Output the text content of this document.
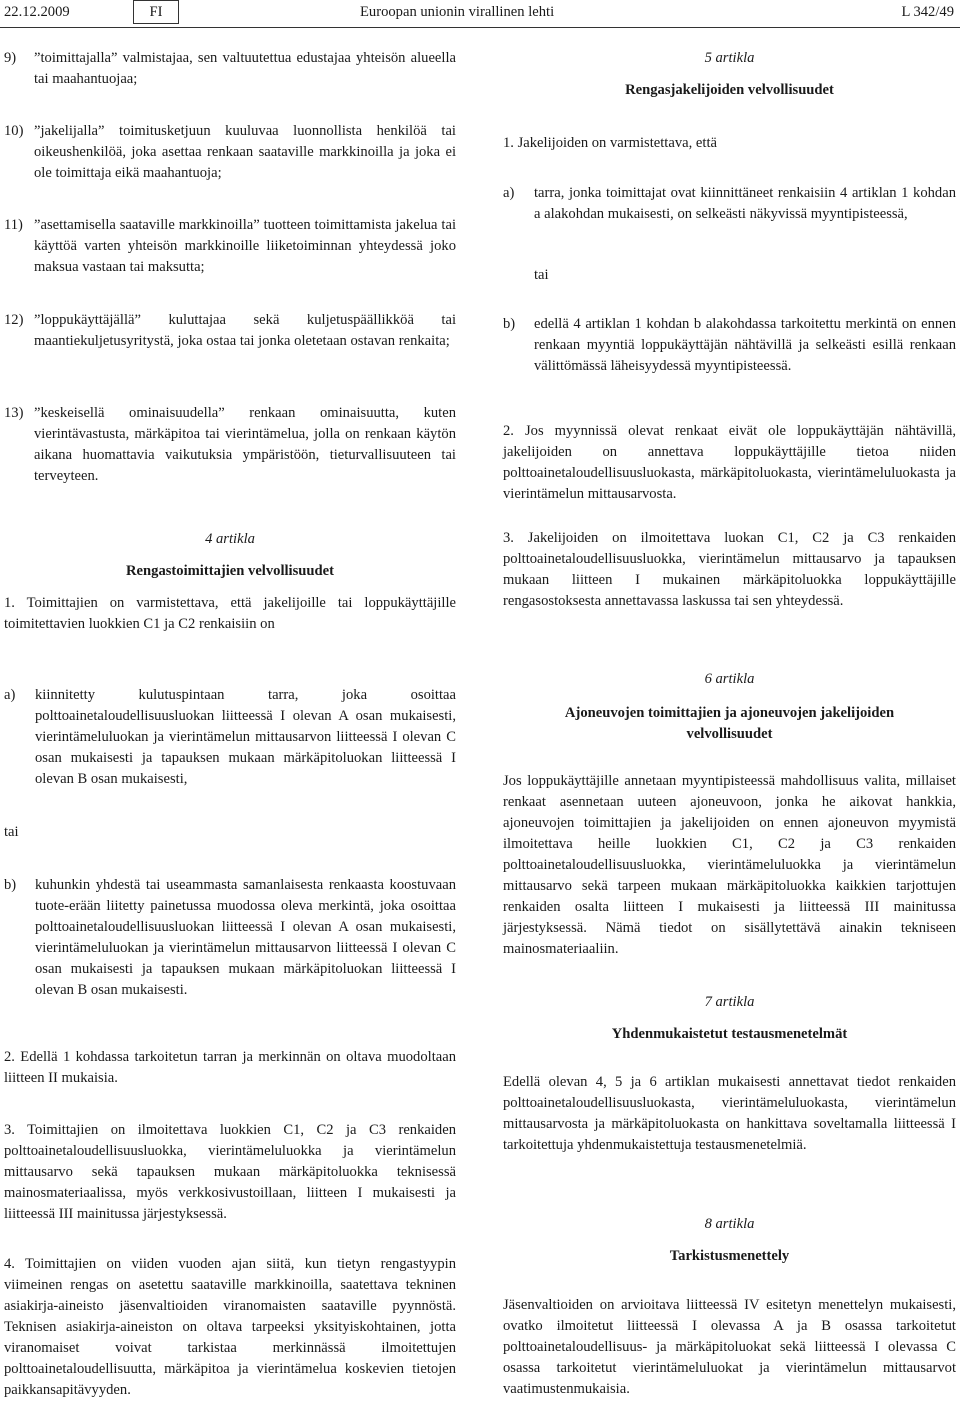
22.12.2009	FI	Euroopan unionin virallinen lehti	L 342/49
9)	”toimittajalla” valmistajaa, sen valtuutettua edustajaa yhteisön alueella tai maahantuojaa;
10) ”jakelijalla” toimitusketjuun kuuluvaa luonnollista henkilöä tai oikeushenkilöä, joka asettaa renkaan saataville markkinoilla ja joka ei ole toimittaja eikä maahantuoja;
11) ”asettamisella saataville markkinoilla” tuotteen toimittamista jakelua tai käyttöä varten yhteisön markkinoille liiketoiminnan yhteydessä joko maksua vastaan tai maksutta;
12) ”loppukäyttäjällä” kuluttajaa sekä kuljetuspäällikköä tai maantiekuljetusyritystä, joka ostaa tai jonka oletetaan ostavan renkaita;
13) ”keskeisellä ominaisuudella” renkaan ominaisuutta, kuten vierintävastusta, märkäpitoa tai vierintämelua, jolla on renkaan käytön aikana huomattavia vaikutuksia ympäristöön, tieturvallisuuteen tai terveyteen.
4 artikla
Rengastoimittajien velvollisuudet

1. Toimittajien on varmistettava, että jakelijoille tai loppukäyttäjille toimitettavien luokkien C1 ja C2 renkaisiin on

a)	kiinnitetty kulutuspintaan tarra, joka osoittaa polttoainetaloudellisuusluokan liitteessä I olevan A osan mukaisesti, vierintämeluluokan ja vierintämelun mittausarvon liitteessä I olevan C osan mukaisesti ja tapauksen mukaan märkäpitoluokan liitteessä I olevan B osan mukaisesti,
tai
b)	kuhunkin yhdestä tai useammasta samanlaisesta renkaasta koostuvaan tuote-erään liitetty painetussa muodossa oleva merkintä, joka osoittaa polttoainetaloudellisuusluokan liitteessä I olevan A osan mukaisesti, vierintämeluluokan ja vierintämelun mittausarvon liitteessä I olevan C osan mukaisesti ja tapauksen mukaan märkäpitoluokan liitteessä I olevan B osan mukaisesti.

2. Edellä 1 kohdassa tarkoitetun tarran ja merkinnän on oltava muodoltaan liitteen II mukaisia.

3. Toimittajien on ilmoitettava luokkien C1, C2 ja C3 renkaiden polttoainetaloudellisuusluokka, vierintämeluluokka ja vierintämelun mittausarvo sekä tapauksen mukaan märkäpitoluokka teknisessä mainosmateriaalissa, myös verkkosivustoillaan, liitteen I mukaisesti ja liitteessä III mainitussa järjestyksessä.

4. Toimittajien on viiden vuoden ajan siitä, kun tietyn rengastyypin viimeinen rengas on asetettu saataville markkinoilla, saatettava tekninen asiakirja-aineisto jäsenvaltioiden viranomaisten saataville pyynnöstä. Teknisen asiakirja-aineiston on oltava tarpeeksi yksityiskohtainen, jotta viranomaiset voivat tarkistaa merkinnässä ilmoitettujen polttoainetaloudellisuutta, märkäpitoa ja vierintämelua koskevien tietojen paikkansapitävyyden.

5 artikla
Rengasjakelijoiden velvollisuudet

1. Jakelijoiden on varmistettava, että

a)	tarra, jonka toimittajat ovat kiinnittäneet renkaisiin 4 artiklan 1 kohdan a alakohdan mukaisesti, on selkeästi näkyvissä myyntipisteessä,
tai
b)	edellä 4 artiklan 1 kohdan b alakohdassa tarkoitettu merkintä on ennen renkaan myyntiä loppukäyttäjän nähtävillä ja selkeästi esillä renkaan välittömässä läheisyydessä myyntipisteessä.

2. Jos myynnissä olevat renkaat eivät ole loppukäyttäjän nähtävillä, jakelijoiden on annettava loppukäyttäjille tietoa niiden polttoainetaloudellisuusluokasta, märkäpitoluokasta, vierintämeluluokasta ja vierintämelun mittausarvosta.

3. Jakelijoiden on ilmoitettava luokan C1, C2 ja C3 renkaiden polttoainetaloudellisuusluokka, vierintämelun mittausarvo ja tapauksen mukaan liitteen I mukainen märkäpitoluokka loppukäyttäjille rengasostoksesta annettavassa laskussa tai sen yhteydessä.

6 artikla
Ajoneuvojen toimittajien ja ajoneuvojen jakelijoiden velvollisuudet

Jos loppukäyttäjille annetaan myyntipisteessä mahdollisuus valita, millaiset renkaat asennetaan uuteen ajoneuvoon, jonka he aikovat hankkia, ajoneuvojen toimittajien ja jakelijoiden on ennen ajoneuvon myymistä ilmoitettava heille luokkien C1, C2 ja C3 renkaiden polttoainetaloudellisuusluokka, vierintämeluluokka ja vierintämelun mittausarvo sekä tarpeen mukaan märkäpitoluokka kaikkien tarjottujen renkaiden osalta liitteen I mukaisesti ja liitteessä III mainitussa järjestyksessä. Nämä tiedot on sisällytettävä ainakin tekniseen mainosmateriaaliin.

7 artikla
Yhdenmukaistetut testausmenetelmät

Edellä olevan 4, 5 ja 6 artiklan mukaisesti annettavat tiedot renkaiden polttoainetaloudellisuusluokasta, vierintämeluluokasta, vierintämelun mittausarvosta ja märkäpitoluokasta on hankittava soveltamalla liitteessä I tarkoitettuja yhdenmukaistettuja testausmenetelmiä.

8 artikla
Tarkistusmenettely

Jäsenvaltioiden on arvioitava liitteessä IV esitetyn menettelyn mukaisesti, ovatko ilmoitetut liitteessä I olevassa A ja B osassa tarkoitetut polttoainetaloudellisuus- ja märkäpitoluokat sekä liitteessä I olevassa C osassa tarkoitetut vierintämeluluokat ja vierintämelun mittausarvot vaatimustenmukaisia.
